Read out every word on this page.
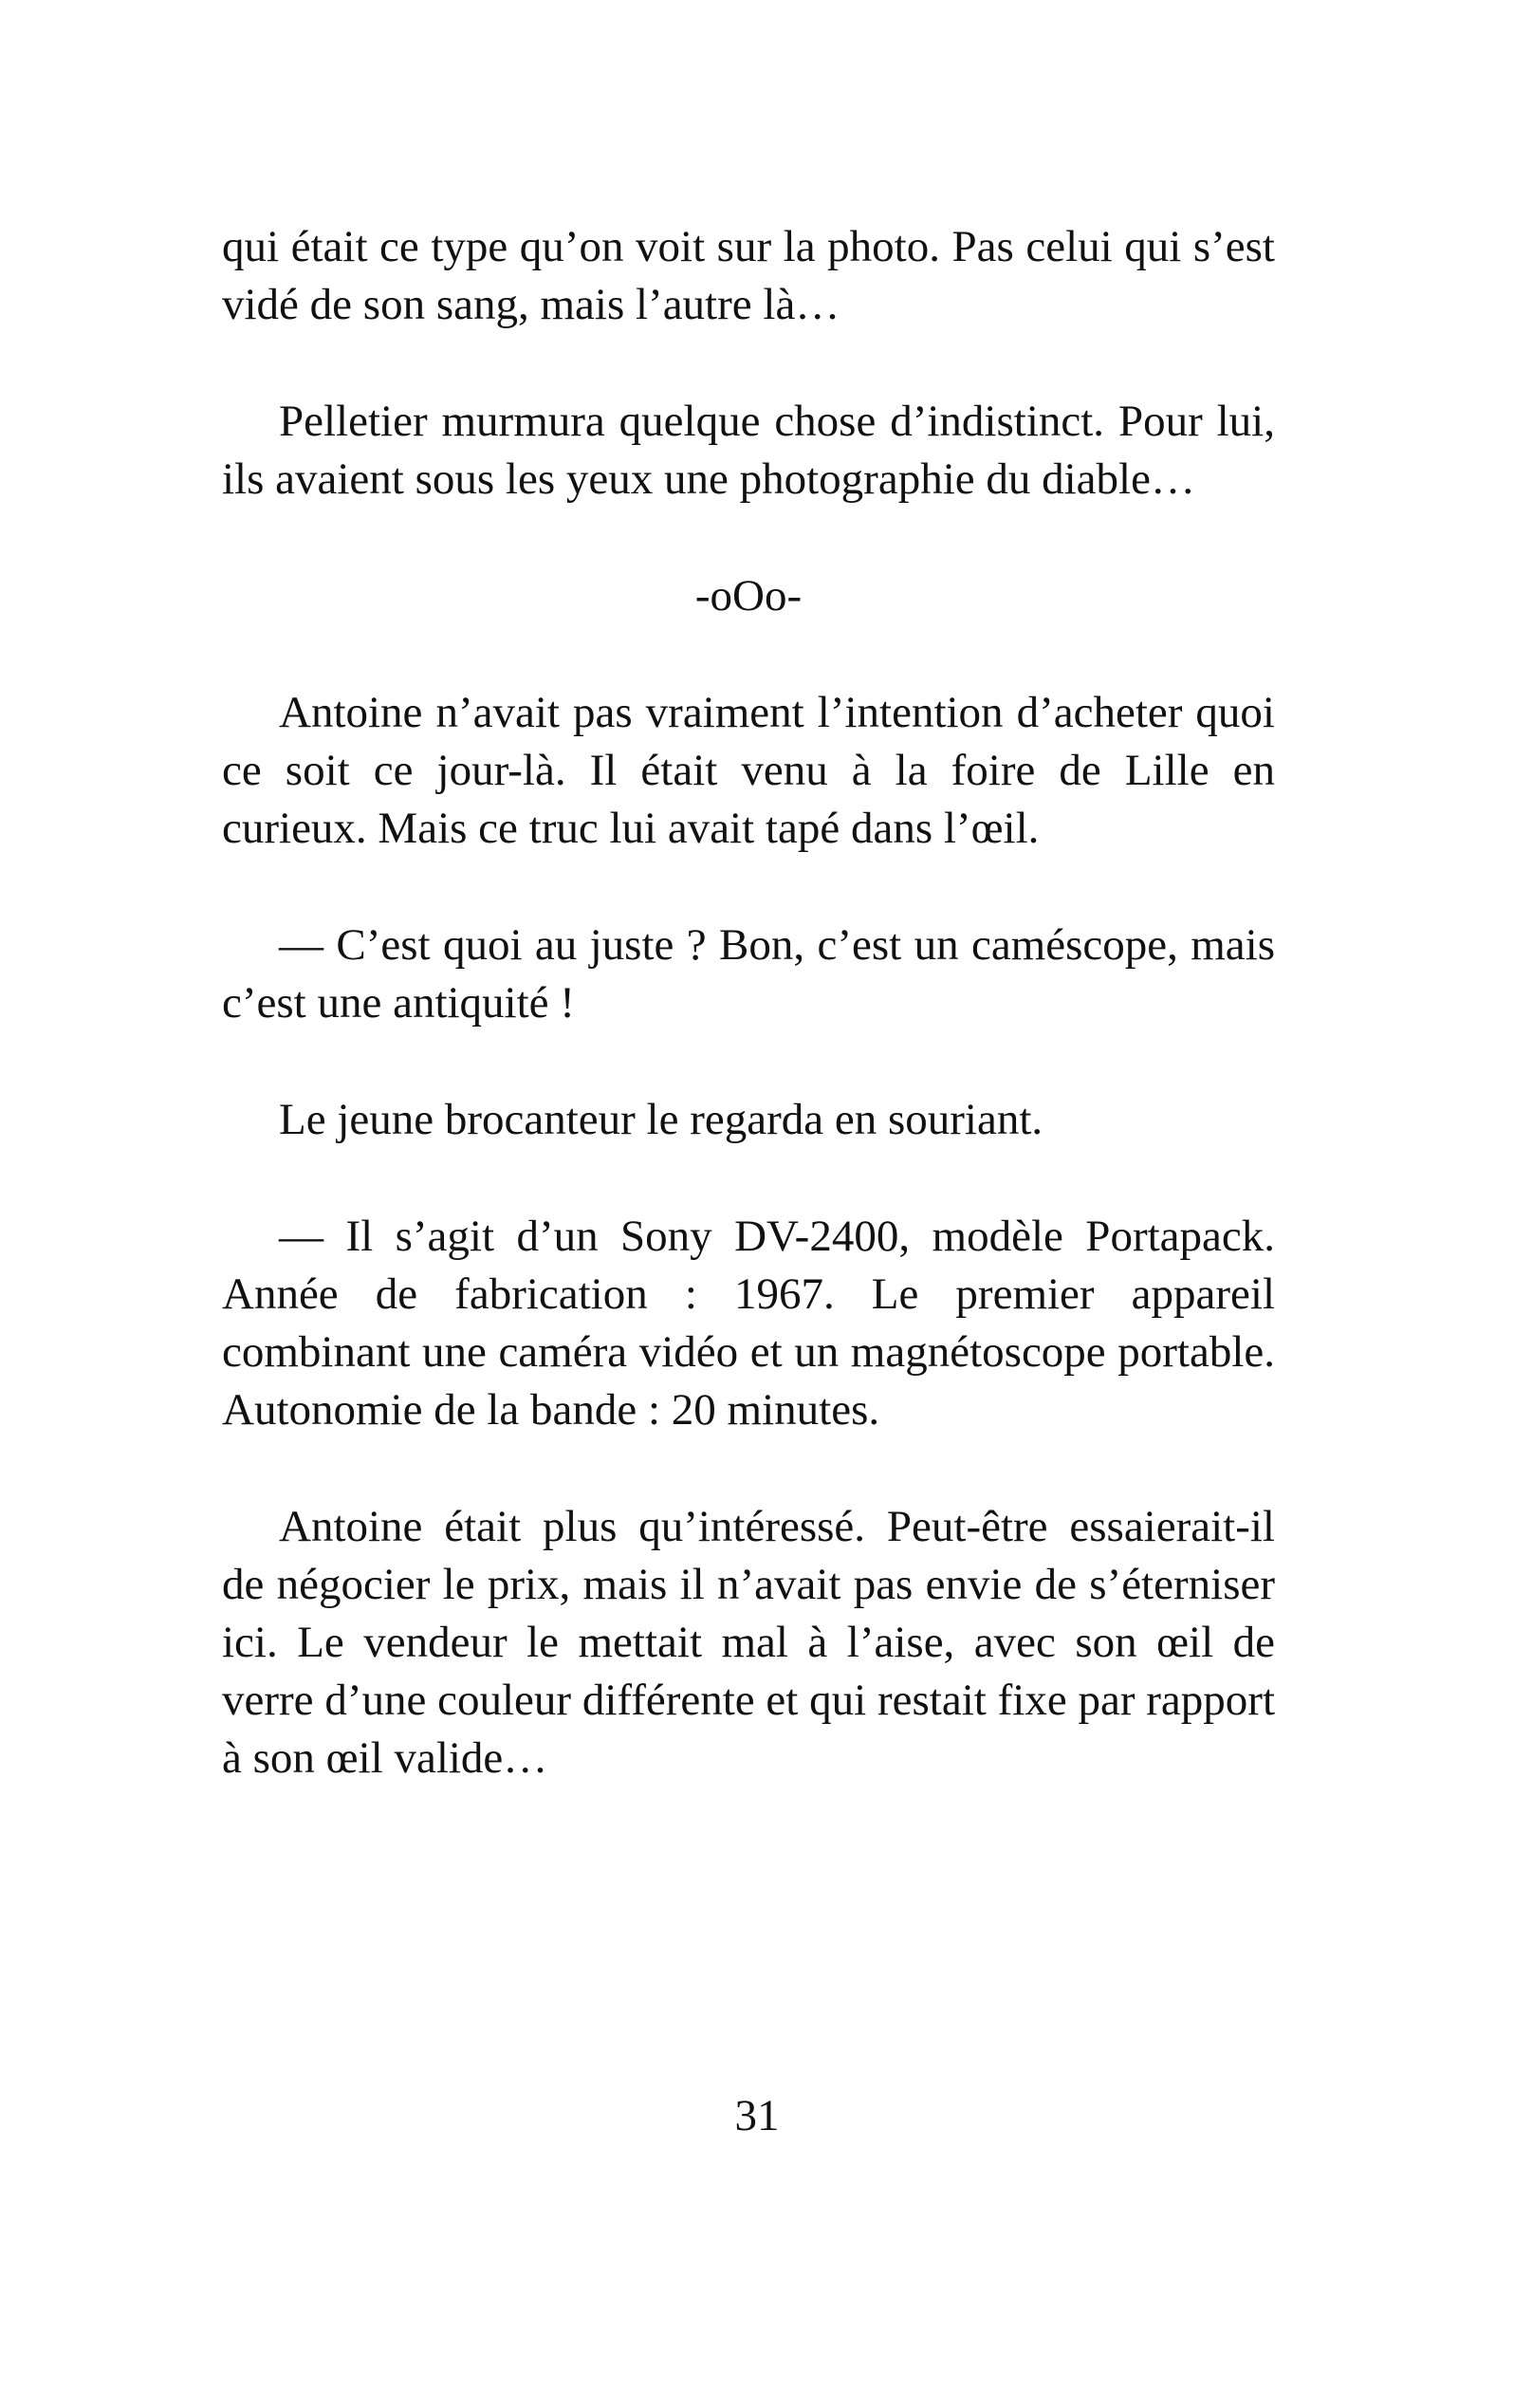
qui était ce type qu’on voit sur la photo. Pas celui qui s’est vidé de son sang, mais l’autre là…

Pelletier murmura quelque chose d’indistinct. Pour lui, ils avaient sous les yeux une photographie du diable…

-oOo-

Antoine n’avait pas vraiment l’intention d’acheter quoi ce soit ce jour-là. Il était venu à la foire de Lille en curieux. Mais ce truc lui avait tapé dans l’œil.

— C’est quoi au juste ? Bon, c’est un caméscope, mais c’est une antiquité !

Le jeune brocanteur le regarda en souriant.

— Il s’agit d’un Sony DV-2400, modèle Portapack. Année de fabrication : 1967. Le premier appareil combinant une caméra vidéo et un magnétoscope portable. Autonomie de la bande : 20 minutes.

Antoine était plus qu’intéressé. Peut-être essaierait-il de négocier le prix, mais il n’avait pas envie de s’éterniser ici. Le vendeur le mettait mal à l’aise, avec son œil de verre d’une couleur différente et qui restait fixe par rapport à son œil valide…

31
